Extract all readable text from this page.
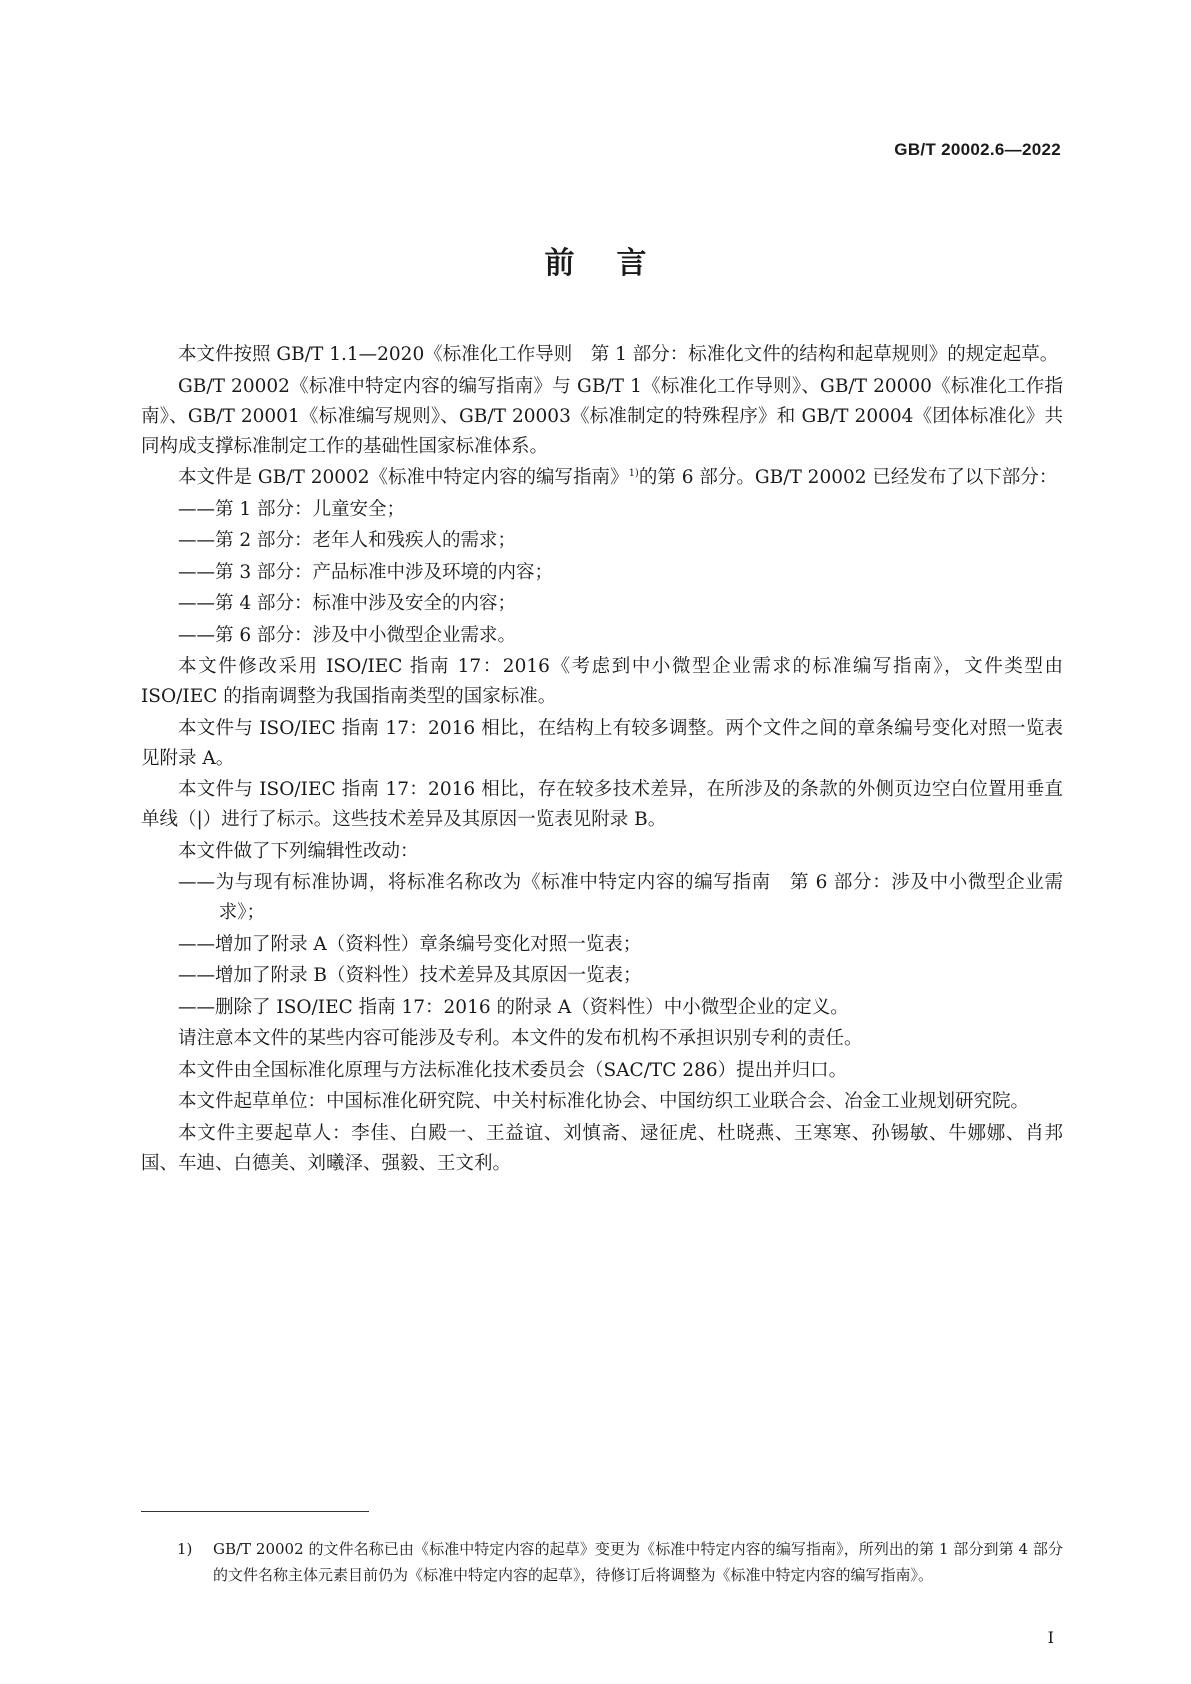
GB/T 20002.6—2022
前言

本文件按照 GB/T 1.1—2020《标准化工作导则　第 1 部分：标准化文件的结构和起草规则》的规定起草。

GB/T 20002《标准中特定内容的编写指南》与 GB/T 1《标准化工作导则》、GB/T 20000《标准化工作指南》、GB/T 20001《标准编写规则》、GB/T 20003《标准制定的特殊程序》和 GB/T 20004《团体标准化》共同构成支撑标准制定工作的基础性国家标准体系。

本文件是 GB/T 20002《标准中特定内容的编写指南》$^{1)}$的第 6 部分。GB/T 20002 已经发布了以下部分：

——第 1 部分：儿童安全；

——第 2 部分：老年人和残疾人的需求；

——第 3 部分：产品标准中涉及环境的内容；

——第 4 部分：标准中涉及安全的内容；

——第 6 部分：涉及中小微型企业需求。

本文件修改采用 ISO/IEC 指南 17：2016《考虑到中小微型企业需求的标准编写指南》，文件类型由 ISO/IEC 的指南调整为我国指南类型的国家标准。

本文件与 ISO/IEC 指南 17：2016 相比，在结构上有较多调整。两个文件之间的章条编号变化对照一览表见附录 A。

本文件与 ISO/IEC 指南 17：2016 相比，存在较多技术差异，在所涉及的条款的外侧页边空白位置用垂直单线（|）进行了标示。这些技术差异及其原因一览表见附录 B。

本文件做了下列编辑性改动：

——为与现有标准协调，将标准名称改为《标准中特定内容的编写指南　第 6 部分：涉及中小微型企业需求》；

——增加了附录 A（资料性）章条编号变化对照一览表；

——增加了附录 B（资料性）技术差异及其原因一览表；

——删除了 ISO/IEC 指南 17：2016 的附录 A（资料性）中小微型企业的定义。

请注意本文件的某些内容可能涉及专利。本文件的发布机构不承担识别专利的责任。

本文件由全国标准化原理与方法标准化技术委员会（SAC/TC 286）提出并归口。

本文件起草单位：中国标准化研究院、中关村标准化协会、中国纺织工业联合会、冶金工业规划研究院。

本文件主要起草人：李佳、白殿一、王益谊、刘慎斋、逯征虎、杜晓燕、王寒寒、孙锡敏、牛娜娜、肖邦国、车迪、白德美、刘曦泽、强毅、王文利。

1) GB/T 20002 的文件名称已由《标准中特定内容的起草》变更为《标准中特定内容的编写指南》，所列出的第 1 部分到第 4 部分的文件名称主体元素目前仍为《标准中特定内容的起草》，待修订后将调整为《标准中特定内容的编写指南》。
I
